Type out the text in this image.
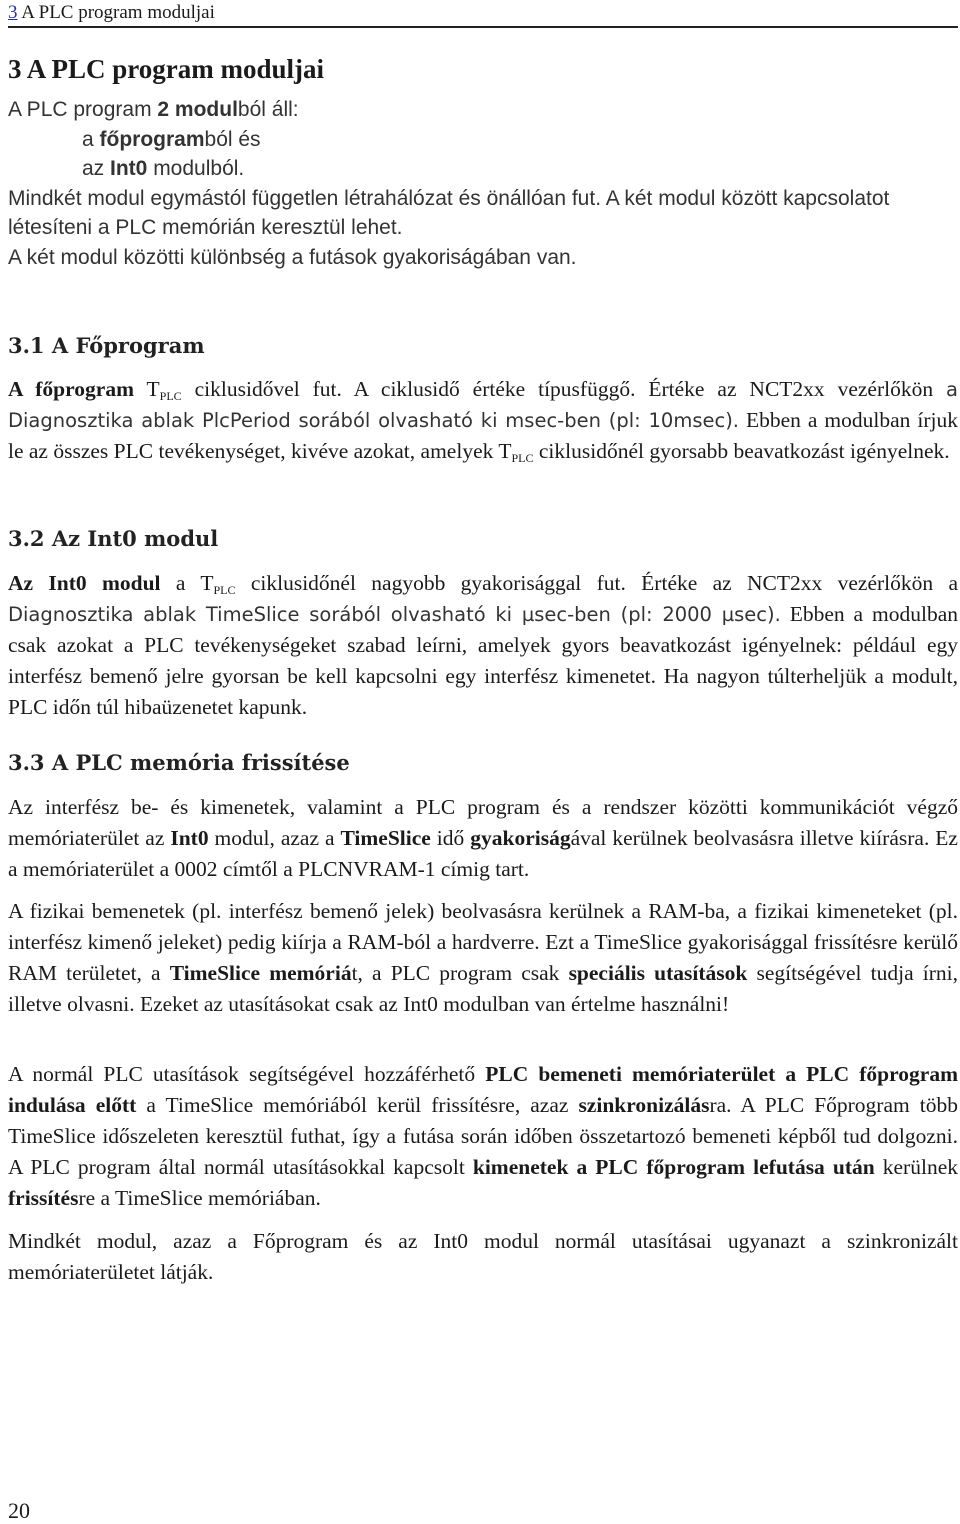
3 A PLC program moduljai
3 A PLC program moduljai

A PLC program 2 modulból áll:

a főprogramból és

az Int0 modulból.

Mindkét modul egymástól független létrahálózat és önállóan fut. A két modul között kapcsolatot létesíteni a PLC memórián keresztül lehet.

A két modul közötti különbség a futások gyakoriságában van.

3.1 A Főprogram

A főprogram $T_{PLC}$ ciklusidővel fut. A ciklusidő értéke típusfüggő. Értéke az NCT2xx vezérlőkön a Diagnosztika ablak PlcPeriod sorából olvasható ki msec-ben (pl: 10msec). Ebben a modulban írjuk le az összes PLC tevékenységet, kivéve azokat, amelyek $T_{PLC}$ ciklusidőnél gyorsabb beavatkozást igényelnek.

3.2 Az Int0 modul

Az Int0 modul a $T_{PLC}$ ciklusidőnél nagyobb gyakorisággal fut. Értéke az NCT2xx vezérlőkön a Diagnosztika ablak TimeSlice sorából olvasható ki µsec-ben (pl: 2000 µsec). Ebben a modulban csak azokat a PLC tevékenységeket szabad leírni, amelyek gyors beavatkozást igényelnek: például egy interfész bemenő jelre gyorsan be kell kapcsolni egy interfész kimenetet. Ha nagyon túlterheljük a modult, PLC időn túl hibaüzenetet kapunk.

3.3 A PLC memória frissítése

Az interfész be- és kimenetek, valamint a PLC program és a rendszer közötti kommunikációt végző memóriaterület az Int0 modul, azaz a TimeSlice idő gyakoriságával kerülnek beolvasásra illetve kiírásra. Ez a memóriaterület a 0002 címtől a PLCNVRAM-1 címig tart.

A fizikai bemenetek (pl. interfész bemenő jelek) beolvasásra kerülnek a RAM-ba, a fizikai kimeneteket (pl. interfész kimenő jeleket) pedig kiírja a RAM-ból a hardverre. Ezt a TimeSlice gyakorisággal frissítésre kerülő RAM területet, a TimeSlice memóriát, a PLC program csak speciális utasítások segítségével tudja írni, illetve olvasni. Ezeket az utasításokat csak az Int0 modulban van értelme használni!

A normál PLC utasítások segítségével hozzáférhető PLC bemeneti memóriaterület a PLC főprogram indulása előtt a TimeSlice memóriából kerül frissítésre, azaz szinkronizálásra. A PLC Főprogram több TimeSlice időszeleten keresztül futhat, így a futása során időben összetartozó bemeneti képből tud dolgozni. A PLC program által normál utasításokkal kapcsolt kimenetek a PLC főprogram lefutása után kerülnek frissítésre a TimeSlice memóriában.

Mindkét modul, azaz a Főprogram és az Int0 modul normál utasításai ugyanazt a szinkronizált memóriaterületet látják.

20
